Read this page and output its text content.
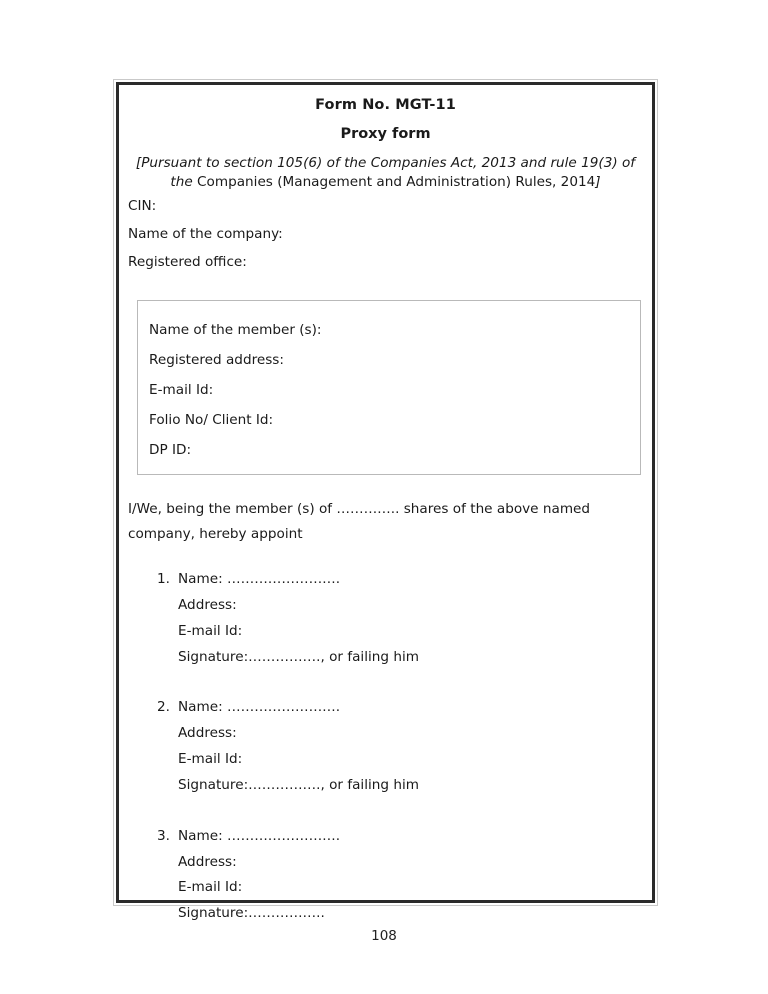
Form No. MGT-11
Proxy form
[Pursuant to section 105(6) of the Companies Act, 2013 and rule 19(3) of the Companies (Management and Administration) Rules, 2014]
CIN:
Name of the company:
Registered office:
Name of the member (s):
Registered address:
E-mail Id:
Folio No/ Client Id:
DP ID:
I/We, being the member (s) of ………….. shares of the above named company, hereby appoint
1. Name: …………………….
Address:
E-mail Id:
Signature:……………., or failing him
2. Name: …………………….
Address:
E-mail Id:
Signature:……………., or failing him
3. Name: …………………….
Address:
E-mail Id:
Signature:……………..
108
